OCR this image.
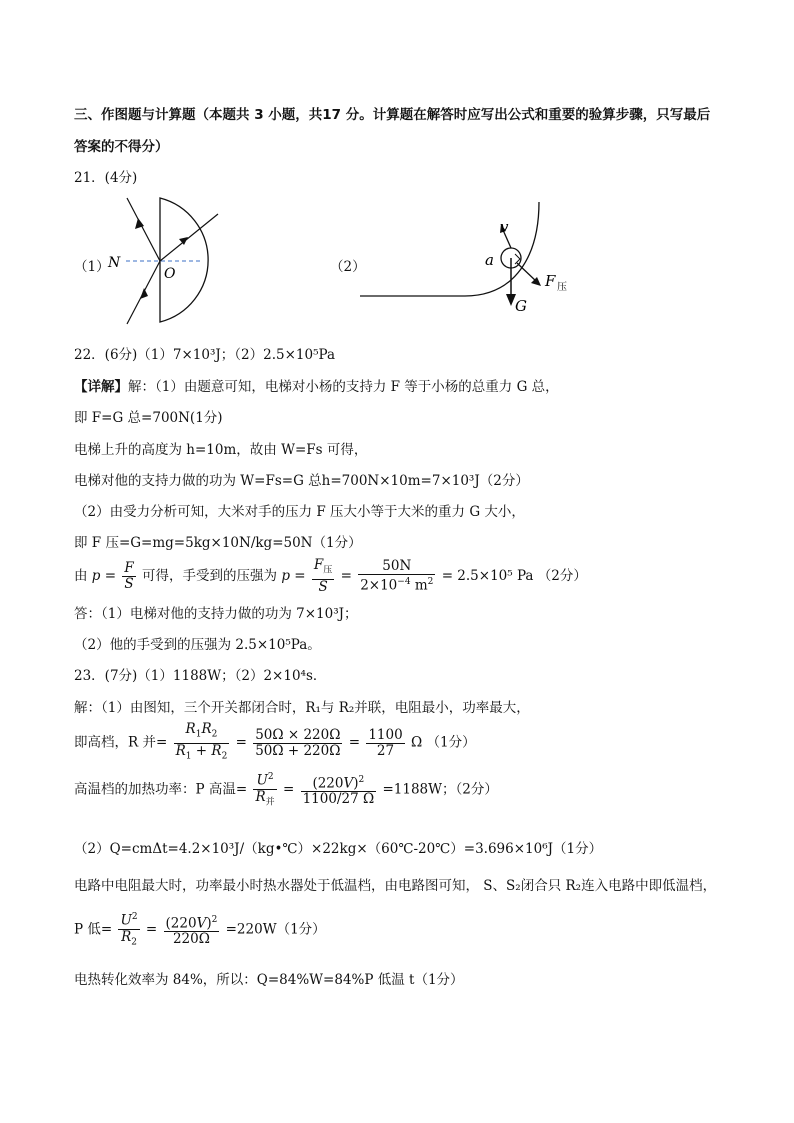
三、作图题与计算题（本题共 3 小题，共17 分。计算题在解答时应写出公式和重要的验算步骤，只写最后
答案的不得分）
21．(4分)
（1）
N
O	（2）
v
a
G
F 压
22．(6分)（1）7×10³J；（2）2.5×10⁵Pa
【详解】解：（1）由题意可知，电梯对小杨的支持力 F 等于小杨的总重力 G 总，
即 F=G 总=700N(1分)
电梯上升的高度为 h=10m，故由 W=Fs 可得，
电梯对他的支持力做的功为 W=Fs=G 总h=700N×10m=7×10³J（2分）
（2）由受力分析可知，大米对手的压力 F 压大小等于大米的重力 G 大小，
即 F 压=G=mg=5kg×10N/kg=50N（1分）
由 $p = \frac{F}{S}$ 可得，手受到的压强为 $p = \frac{F_压}{S} = \frac{50N}{2\times 10^{-4} m^2} = 2.5\times 10^5$ Pa （2分）
答：（1）电梯对他的支持力做的功为 7×10³J；
（2）他的手受到的压强为 2.5×10⁵Pa。
23．(7分)（1）1188W；（2）2×10⁴s．
解：（1）由图知，三个开关都闭合时，R₁与 R₂并联，电阻最小，功率最大，
即高档，R 并= $\frac{R_1R_2}{R_1 + R_2} = \frac{50\Omega \times 220\Omega}{50\Omega + 220\Omega} = \frac{1100}{27}$ Ω （1分）
高温档的加热功率：P 高温= $\frac{U^2}{R_并} = \frac{(220V)^2}{1100/27 \Omega} =1188W$；（2分）
（2）Q=cmΔt=4.2×10³J/（kg•℃）×22kg×（60℃-20℃）=3.696×10⁶J（1分）
电路中电阻最大时，功率最小时热水器处于低温档，由电路图可知， S、S₂闭合只 R₂连入电路中即低温档，
P 低= $\frac{U^2}{R_2} = \frac{(220V)^2}{220\Omega} =220W(1$分）
电热转化效率为 84%，所以：Q=84%W=84%P 低温 t（1分）
